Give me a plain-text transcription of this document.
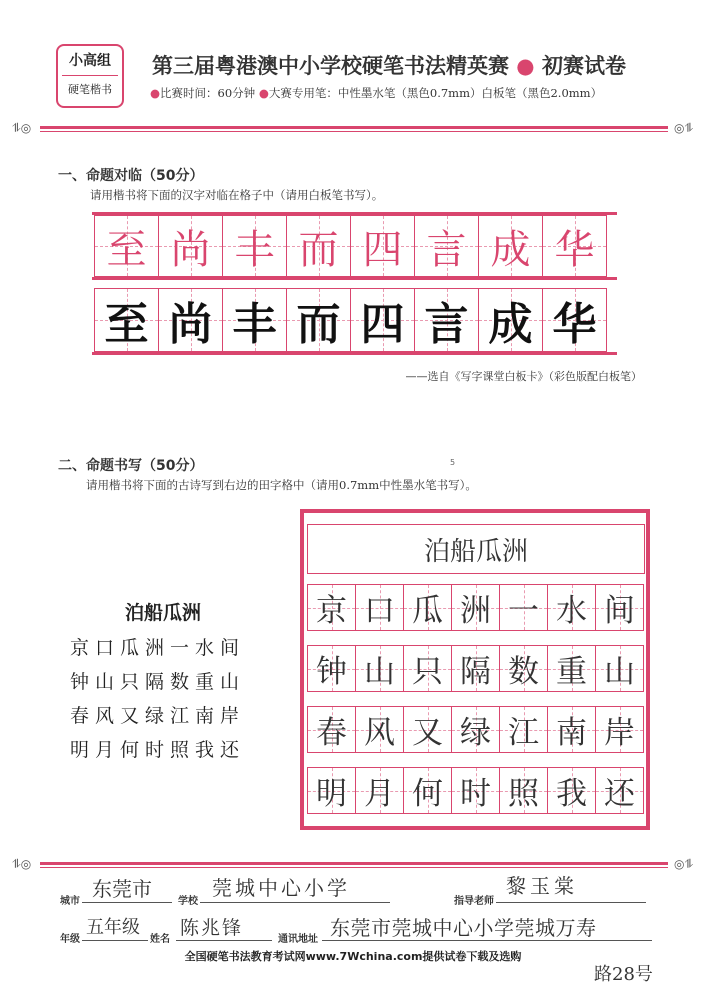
小高组
硬笔楷书
第三届粤港澳中小学校硬笔书法精英赛 ● 初赛试卷
●比赛时间：60分钟 ●大赛专用笔：中性墨水笔（黑色0.7mm）白板笔（黑色2.0mm）
⥮◎	◎⥮
一、命题对临（50分）
请用楷书将下面的汉字对临在格子中（请用白板笔书写）。
至 尚 丰 而 四 言 成 华
至 尚 丰 而 四 言 成 华
——选自《写字课堂白板卡》（彩色版配白板笔）
5
二、命题书写（50分）
请用楷书将下面的古诗写到右边的田字格中（请用0.7mm中性墨水笔书写）。
泊船瓜洲
京口瓜洲一水间
钟山只隔数重山
春风又绿江南岸
明月何时照我还
泊船瓜洲
京 口 瓜 洲 一 水 间
钟 山 只 隔 数 重 山
春 风 又 绿 江 南 岸
明 月 何 时 照 我 还
⥮◎	◎⥮
城市
东莞市
学校
莞城中心小学
指导老师
黎玉棠
年级
五年级
姓名
陈兆锋
通讯地址 东莞市莞城中心小学莞城万寿
全国硬笔书法教育考试网www.7Wchina.com提供试卷下载及选购
路28号
